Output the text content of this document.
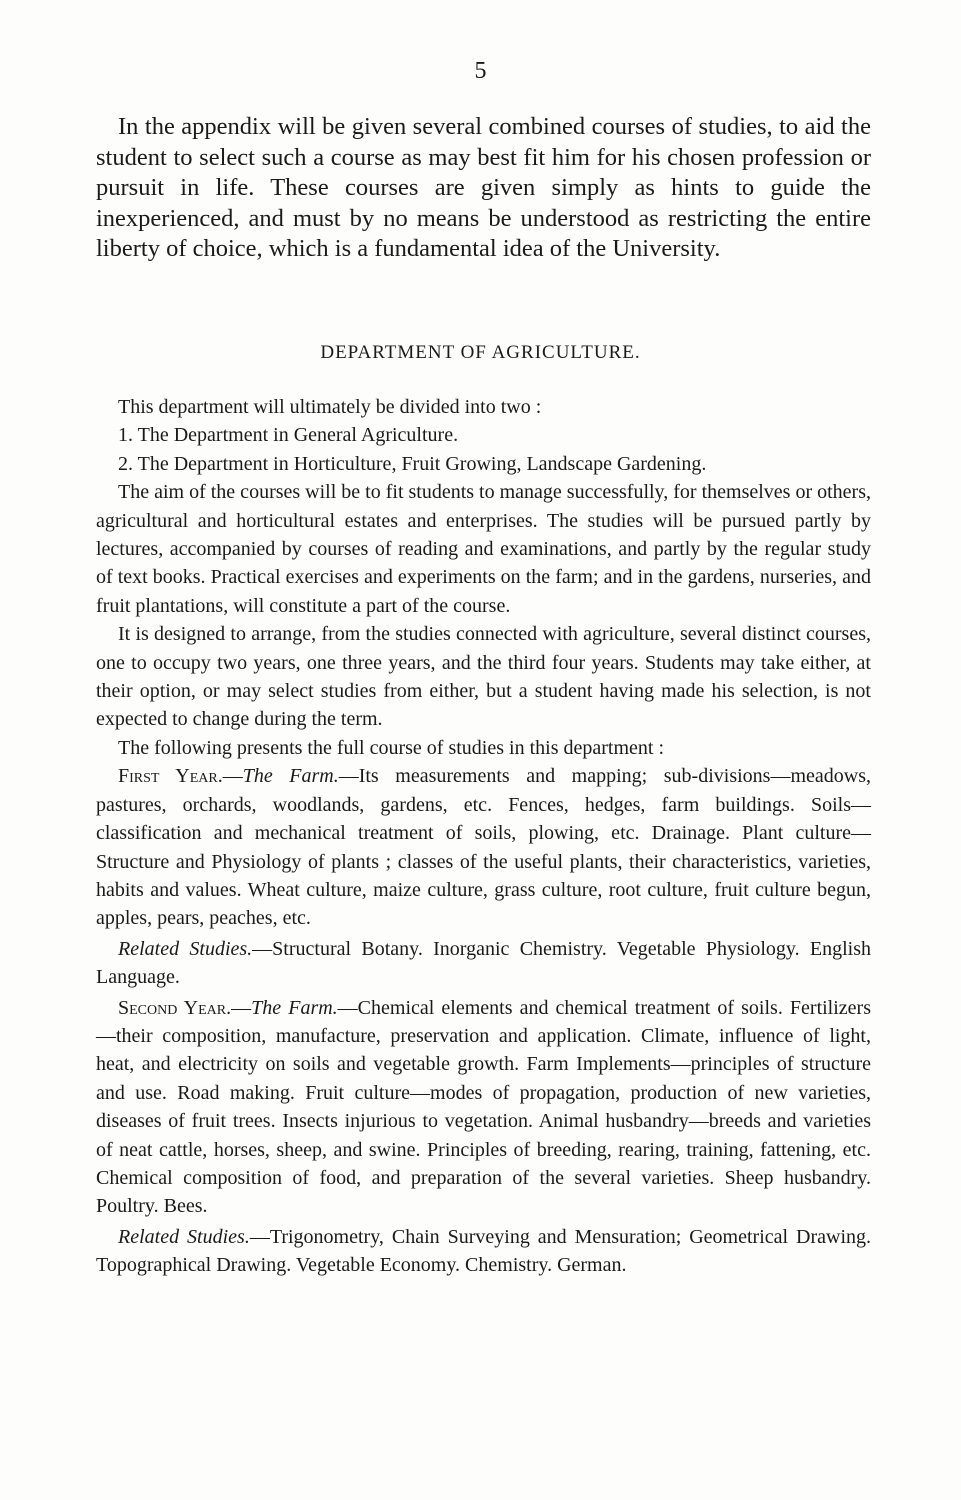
5

In the appendix will be given several combined courses of studies, to aid the student to select such a course as may best fit him for his chosen profession or pursuit in life. These courses are given simply as hints to guide the inexperienced, and must by no means be understood as restricting the entire liberty of choice, which is a fundamental idea of the University.

DEPARTMENT OF AGRICULTURE.

This department will ultimately be divided into two :

1. The Department in General Agriculture.

2. The Department in Horticulture, Fruit Growing, Landscape Gardening.

The aim of the courses will be to fit students to manage successfully, for themselves or others, agricultural and horticultural estates and enterprises. The studies will be pursued partly by lectures, accompanied by courses of reading and examinations, and partly by the regular study of text books. Practical exercises and experiments on the farm; and in the gardens, nurseries, and fruit plantations, will constitute a part of the course.

It is designed to arrange, from the studies connected with agriculture, several distinct courses, one to occupy two years, one three years, and the third four years. Students may take either, at their option, or may select studies from either, but a student having made his selection, is not expected to change during the term.

The following presents the full course of studies in this department :

First Year.—The Farm.—Its measurements and mapping; sub-divisions—meadows, pastures, orchards, woodlands, gardens, etc. Fences, hedges, farm buildings. Soils—classification and mechanical treatment of soils, plowing, etc. Drainage. Plant culture—Structure and Physiology of plants ; classes of the useful plants, their characteristics, varieties, habits and values. Wheat culture, maize culture, grass culture, root culture, fruit culture begun, apples, pears, peaches, etc.

Related Studies.—Structural Botany. Inorganic Chemistry. Vegetable Physiology. English Language.

Second Year.—The Farm.—Chemical elements and chemical treatment of soils. Fertilizers—their composition, manufacture, preservation and application. Climate, influence of light, heat, and electricity on soils and vegetable growth. Farm Implements—principles of structure and use. Road making. Fruit culture—modes of propagation, production of new varieties, diseases of fruit trees. Insects injurious to vegetation. Animal husbandry—breeds and varieties of neat cattle, horses, sheep, and swine. Principles of breeding, rearing, training, fattening, etc. Chemical composition of food, and preparation of the several varieties. Sheep husbandry. Poultry. Bees.

Related Studies.—Trigonometry, Chain Surveying and Mensuration; Geometrical Drawing. Topographical Drawing. Vegetable Economy. Chemistry. German.
